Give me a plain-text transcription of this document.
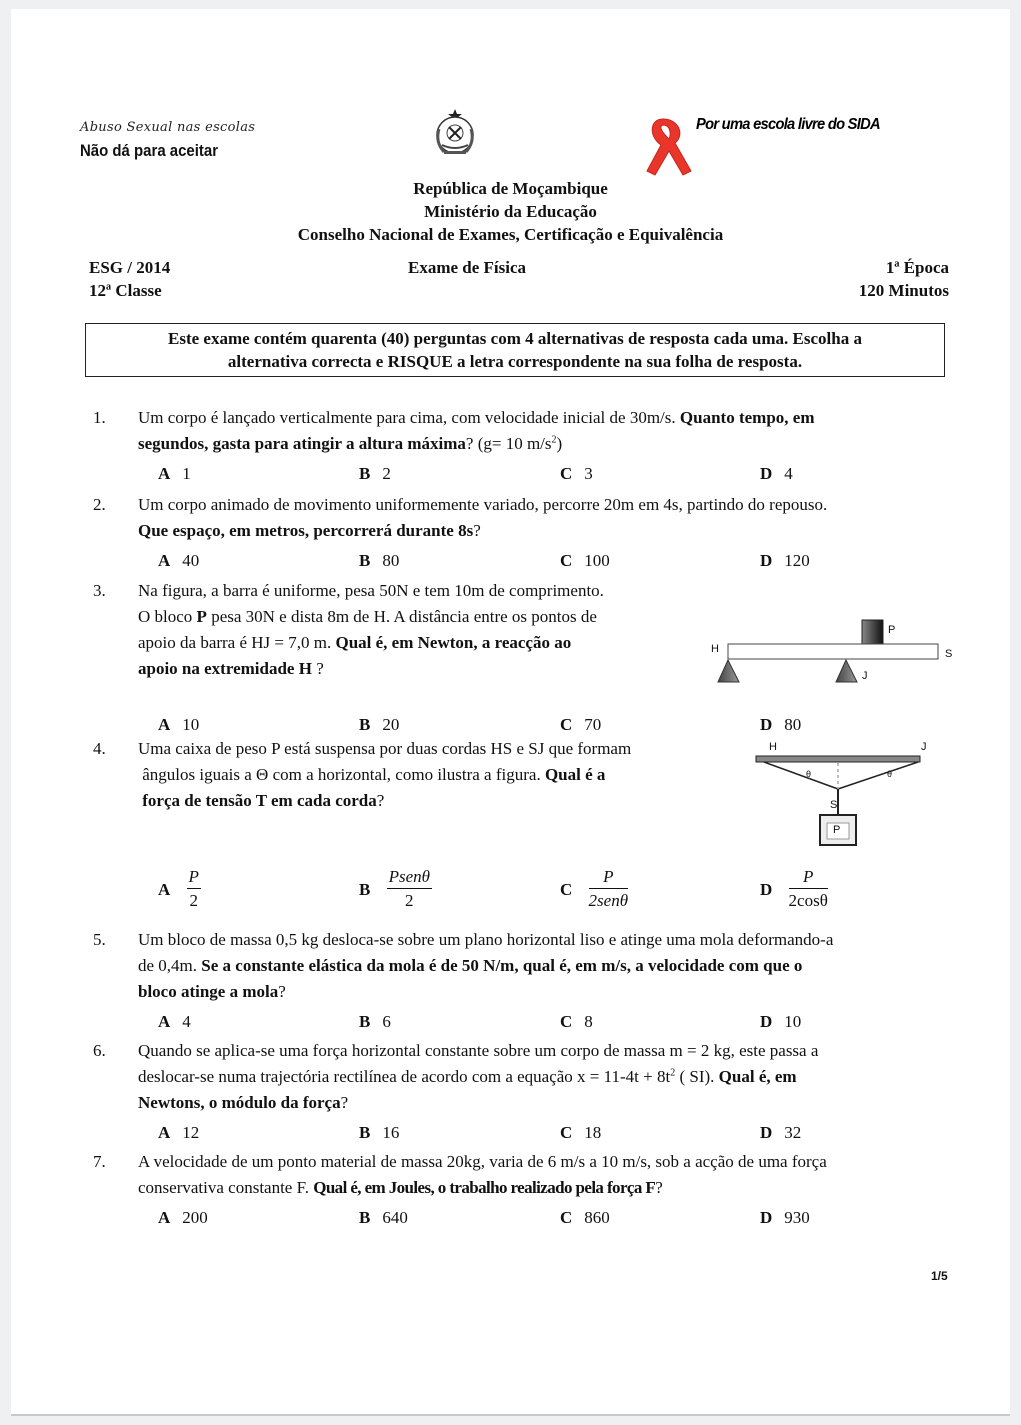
Abuso Sexual nas escolas
Não dá para aceitar
Por uma escola livre do SIDA
República de Moçambique
Ministério da Educação
Conselho Nacional de Exames, Certificação e Equivalência
ESG / 2014	Exame de Física	1ª Época
12ª Classe	120 Minutos
Este exame contém quarenta (40) perguntas com 4 alternativas de resposta cada uma. Escolha a
alternativa correcta e RISQUE a letra correspondente na sua folha de resposta.
1. Um corpo é lançado verticalmente para cima, com velocidade inicial de 30m/s. Quanto tempo, em
segundos, gasta para atingir a altura máxima? (g= 10 $m/s^2$)
A 1	B 2	C 3	D 4
2. Um corpo animado de movimento uniformemente variado, percorre 20m em 4s, partindo do repouso.
Que espaço, em metros, percorrerá durante 8s?
A 40	B 80	C 100	D 120
3. Na figura, a barra é uniforme, pesa 50N e tem 10m de comprimento.
O bloco P pesa 30N e dista 8m de H. A distância entre os pontos de
apoio da barra é HJ = 7,0 m. Qual é, em Newton, a reacção ao
apoio na extremidade H ?
A 10	B 20	C 70	D 80
H	S
P
J
4. Uma caixa de peso P está suspensa por duas cordas HS e SJ que formam
ângulos iguais a Θ com a horizontal, como ilustra a figura. Qual é a
força de tensão T em cada corda?
A $\frac{P}{2}$	B $\frac{\text{Psenθ}}{2}$	C $\frac{P}{\text{2senθ}}$	D $\frac{P}{2\cos\theta}$
H	J
θ	θ
S
P
5. Um bloco de massa 0,5 kg desloca-se sobre um plano horizontal liso e atinge uma mola deformando-a
de 0,4m. Se a constante elástica da mola é de 50 N/m, qual é, em m/s, a velocidade com que o
bloco atinge a mola?
A 4	B 6	C 8	D 10
6. Quando se aplica-se uma força horizontal constante sobre um corpo de massa m = 2 kg, este passa a
deslocar-se numa trajectória rectilínea de acordo com a equação $x = 11-4t + 8t^2$ ( SI). Qual é, em
Newtons, o módulo da força?
A 12	B 16	C 18	D 32
7. A velocidade de um ponto material de massa 20kg, varia de 6 m/s a 10 m/s, sob a acção de uma força
conservativa constante F. Qual é, em Joules, o trabalho realizado pela força F?
A 200	B 640	C 860	D 930
1/5
